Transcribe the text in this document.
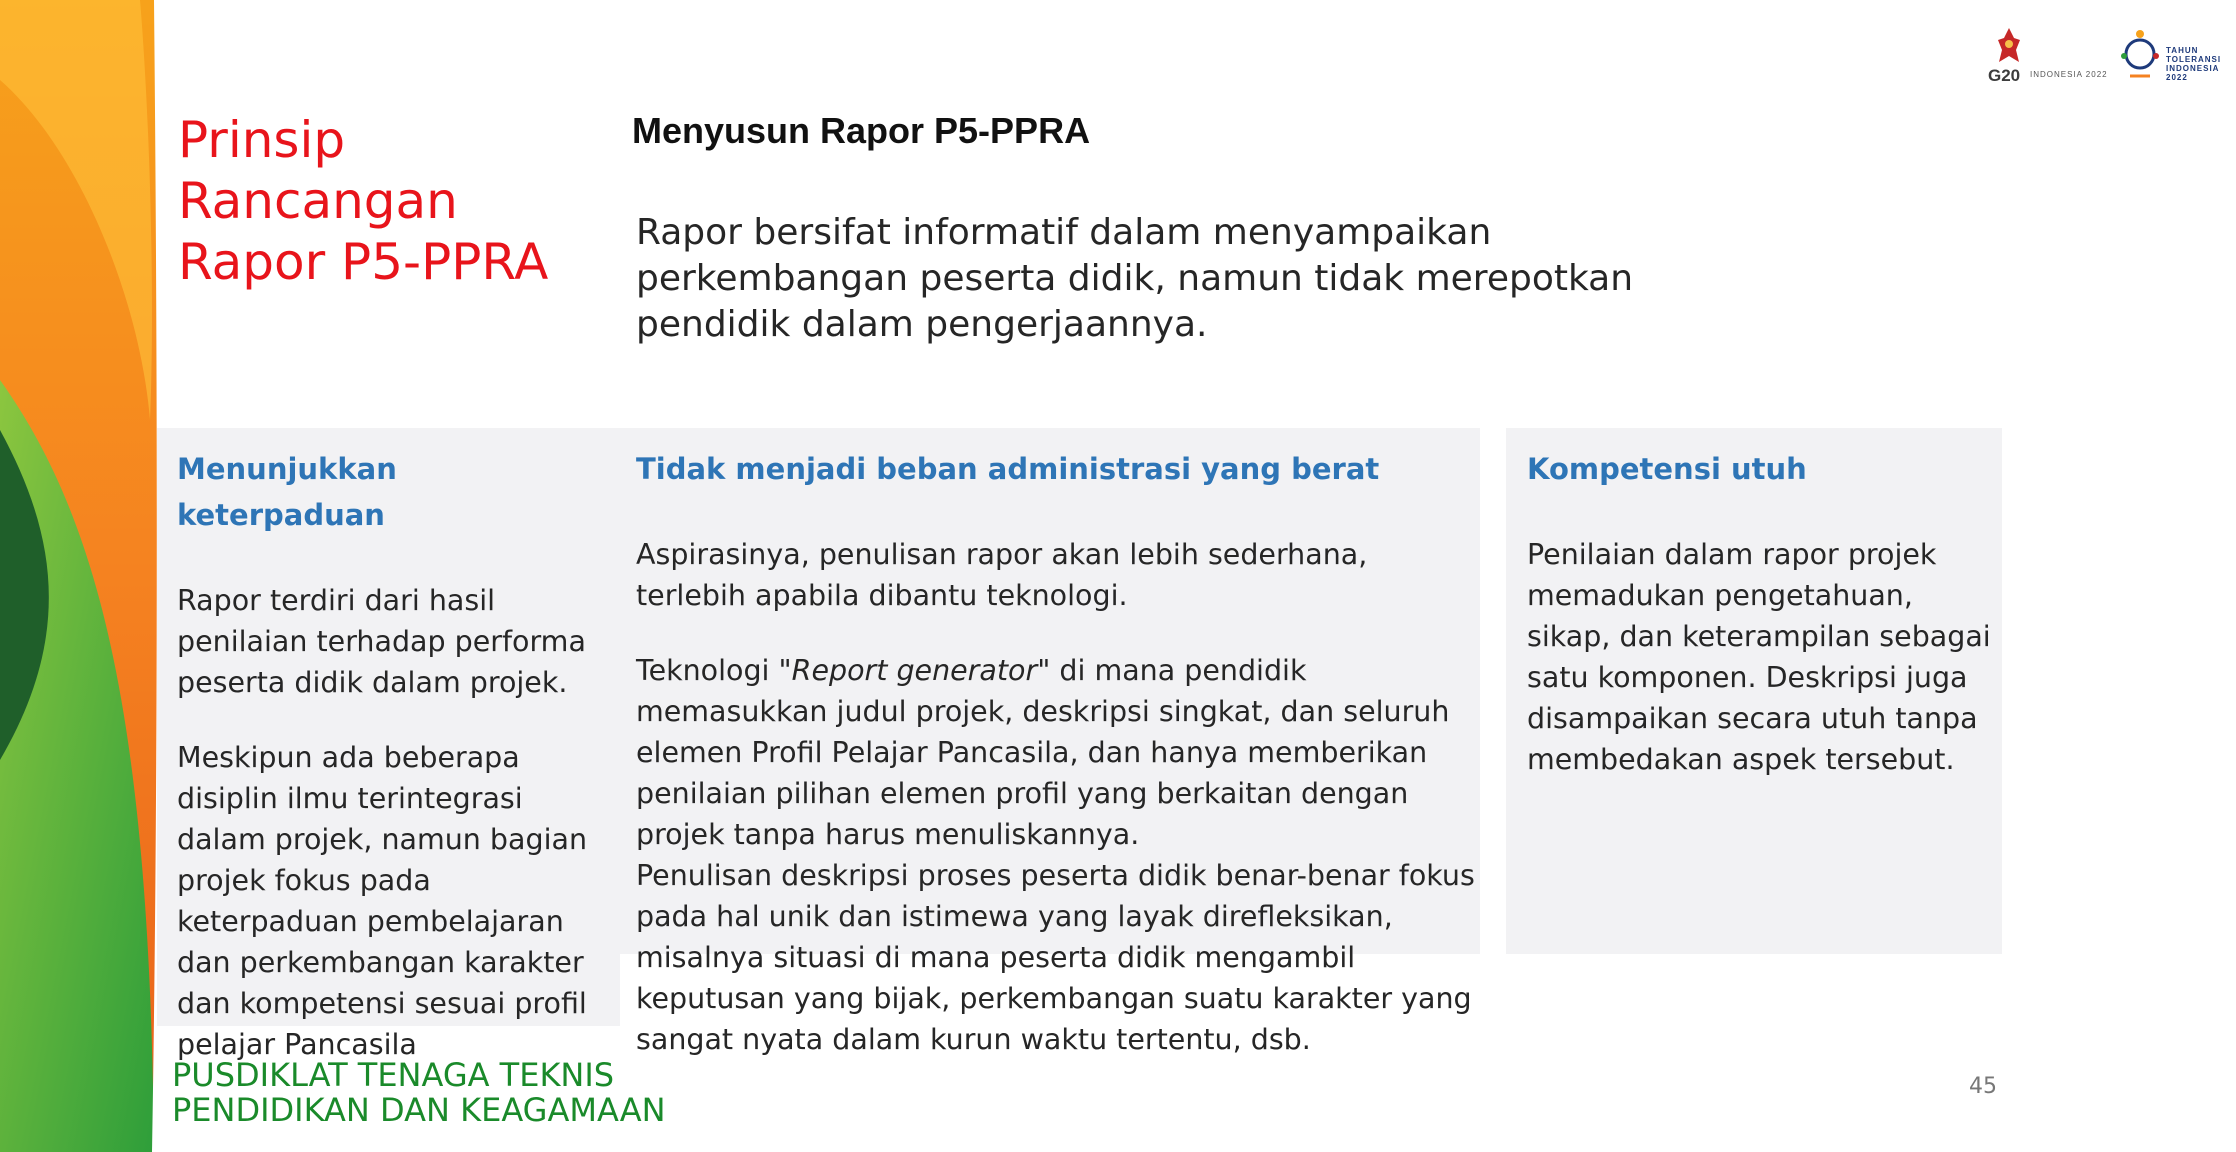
G20 INDONESIA 2022
TAHUN TOLERANSI INDONESIA 2022
Prinsip Rancangan Rapor P5-PPRA
Menyusun Rapor P5-PPRA

Rapor bersifat informatif dalam menyampaikan perkembangan peserta didik, namun tidak merepotkan pendidik dalam pengerjaannya.

Menunjukkan keterpaduan

Rapor terdiri dari hasil penilaian terhadap performa peserta didik dalam projek.

Meskipun ada beberapa disiplin ilmu terintegrasi dalam projek, namun bagian projek fokus pada keterpaduan pembelajaran dan perkembangan karakter dan kompetensi sesuai profil pelajar Pancasila

Tidak menjadi beban administrasi yang berat

Aspirasinya, penulisan rapor akan lebih sederhana, terlebih apabila dibantu teknologi.

Teknologi "Report generator" di mana pendidik memasukkan judul projek, deskripsi singkat, dan seluruh elemen Profil Pelajar Pancasila, dan hanya memberikan penilaian pilihan elemen profil yang berkaitan dengan projek tanpa harus menuliskannya.

Penulisan deskripsi proses peserta didik benar-benar fokus pada hal unik dan istimewa yang layak direfleksikan, misalnya situasi di mana peserta didik mengambil keputusan yang bijak, perkembangan suatu karakter yang sangat nyata dalam kurun waktu tertentu, dsb.

Kompetensi utuh

Penilaian dalam rapor projek memadukan pengetahuan, sikap, dan keterampilan sebagai satu komponen. Deskripsi juga disampaikan secara utuh tanpa membedakan aspek tersebut.

PUSDIKLAT TENAGA TEKNIS
PENDIDIKAN DAN KEAGAMAAN
45
